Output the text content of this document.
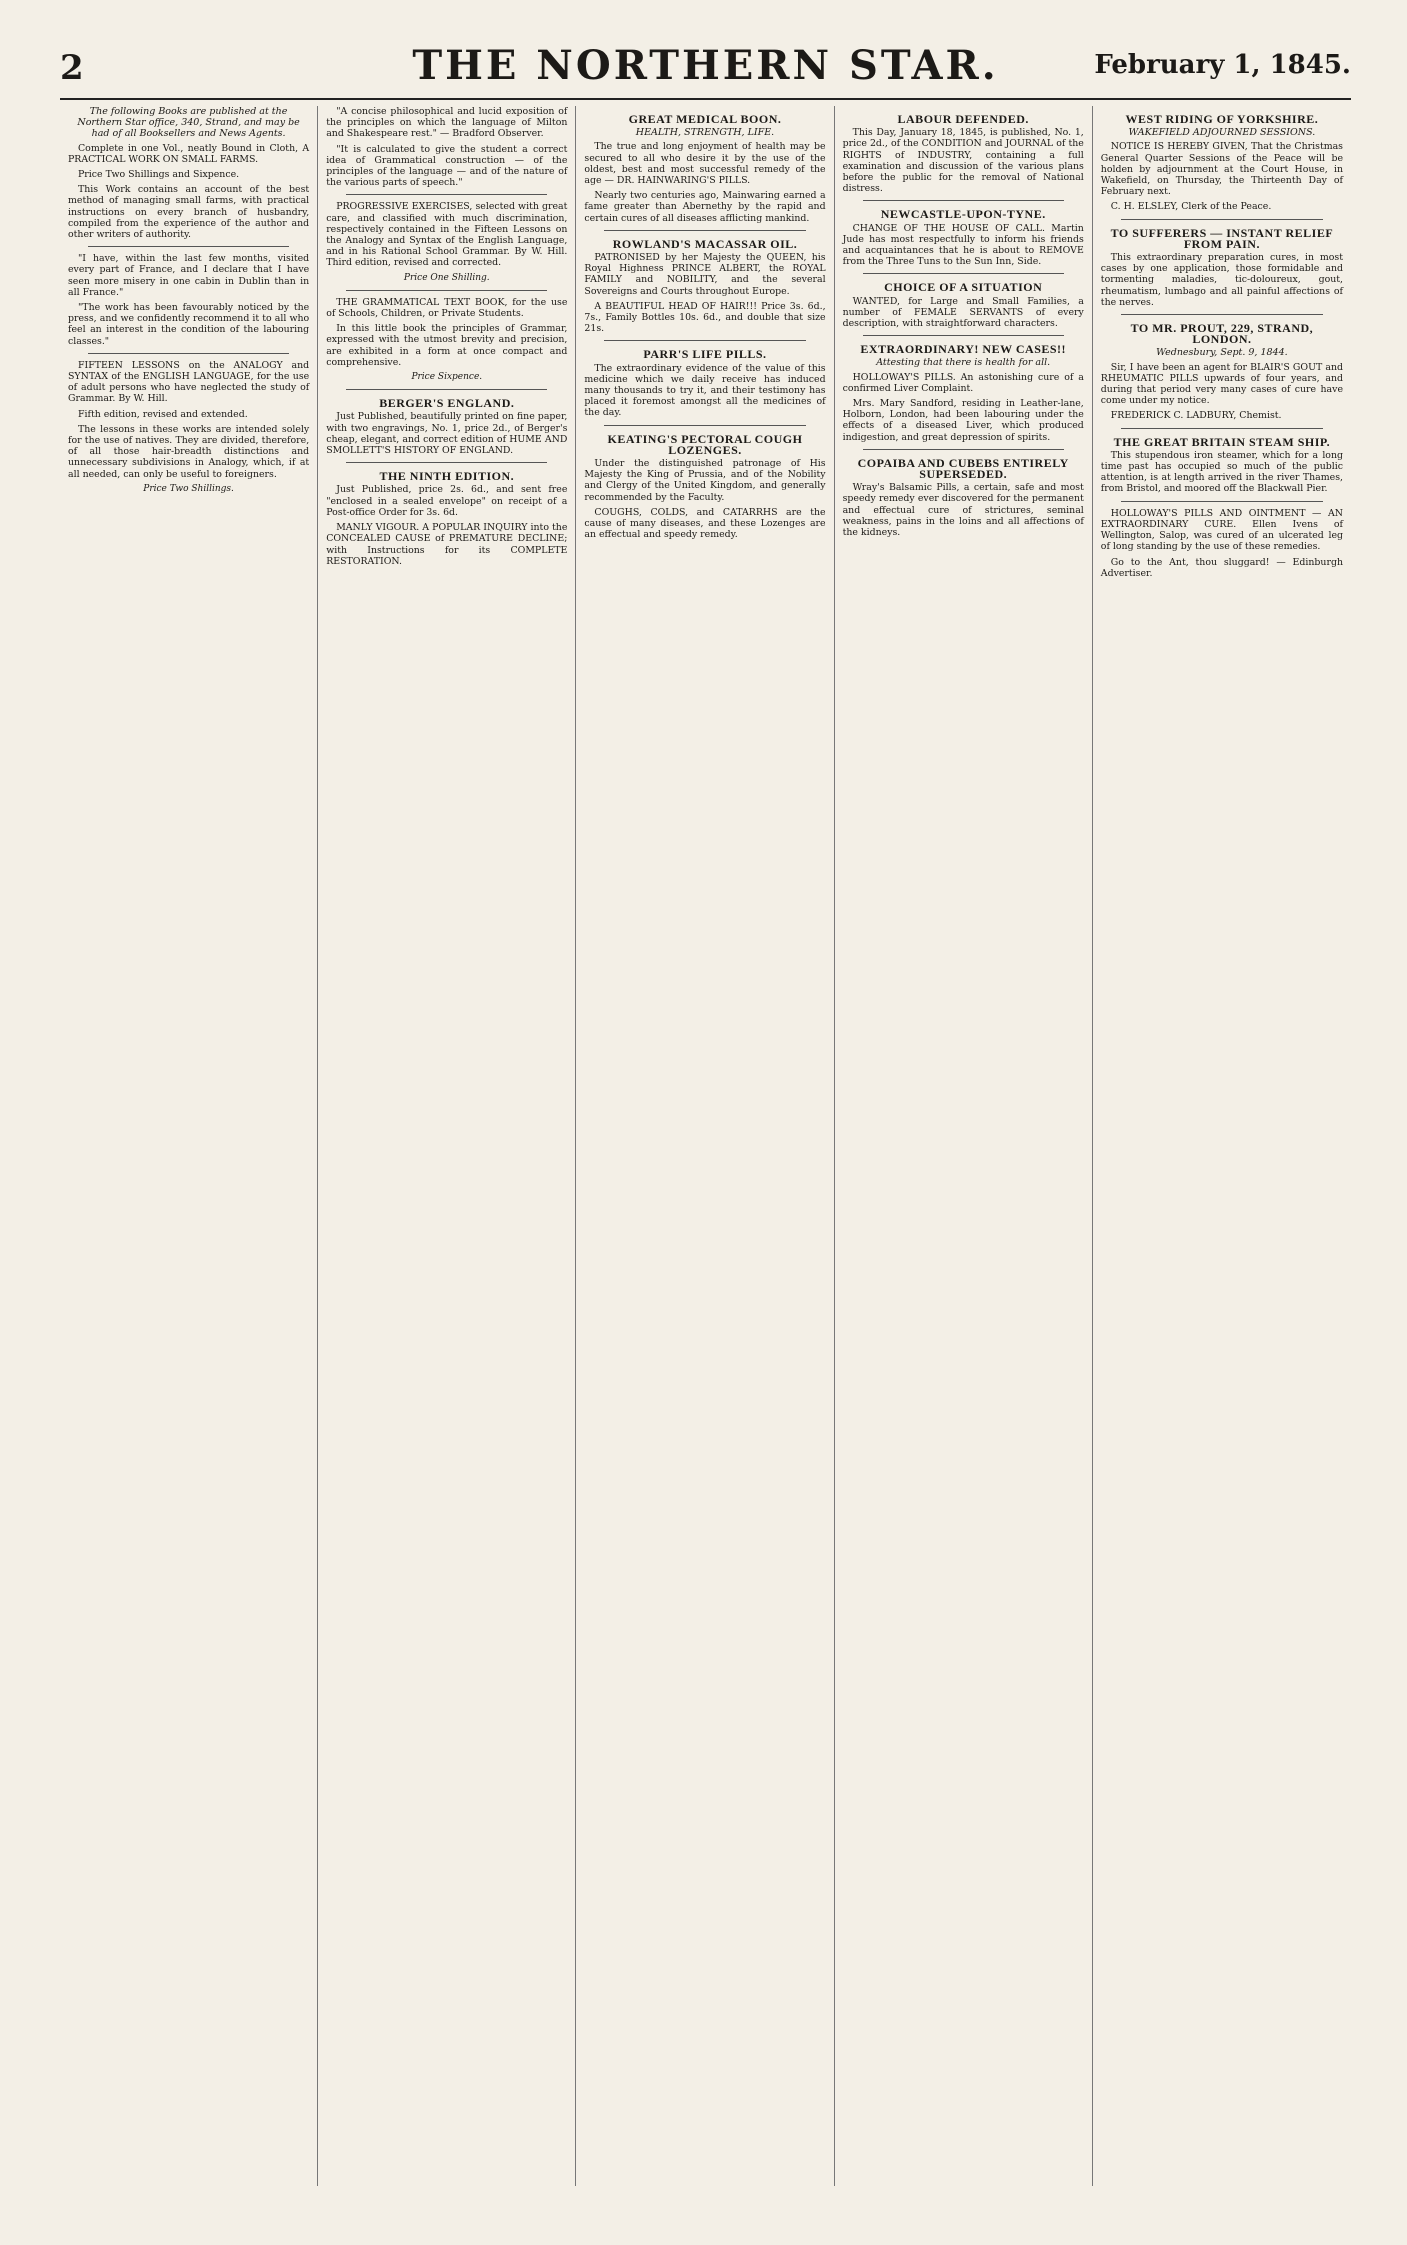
2	THE NORTHERN STAR.	February 1, 1845.
The following Books are published at the Northern Star office, 340, Strand, and may be had of all Booksellers and News Agents.

Complete in one Vol., neatly Bound in Cloth, A PRACTICAL WORK ON SMALL FARMS.

Price Two Shillings and Sixpence.

This Work contains an account of the best method of managing small farms, with practical instructions on every branch of husbandry, compiled from the experience of the author and other writers of authority.

"I have, within the last few months, visited every part of France, and I declare that I have seen more misery in one cabin in Dublin than in all France."

"The work has been favourably noticed by the press, and we confidently recommend it to all who feel an interest in the condition of the labouring classes."

FIFTEEN LESSONS on the ANALOGY and SYNTAX of the ENGLISH LANGUAGE, for the use of adult persons who have neglected the study of Grammar. By W. Hill.

Fifth edition, revised and extended.

The lessons in these works are intended solely for the use of natives. They are divided, therefore, of all those hair-breadth distinctions and unnecessary subdivisions in Analogy, which, if at all needed, can only be useful to foreigners.

Price Two Shillings.

"A concise philosophical and lucid exposition of the principles on which the language of Milton and Shakespeare rest." — Bradford Observer.

"It is calculated to give the student a correct idea of Grammatical construction — of the principles of the language — and of the nature of the various parts of speech."

PROGRESSIVE EXERCISES, selected with great care, and classified with much discrimination, respectively contained in the Fifteen Lessons on the Analogy and Syntax of the English Language, and in his Rational School Grammar. By W. Hill. Third edition, revised and corrected.

Price One Shilling.

THE GRAMMATICAL TEXT BOOK, for the use of Schools, Children, or Private Students.

In this little book the principles of Grammar, expressed with the utmost brevity and precision, are exhibited in a form at once compact and comprehensive.

Price Sixpence.
BERGER'S ENGLAND.

Just Published, beautifully printed on fine paper, with two engravings, No. 1, price 2d., of Berger's cheap, elegant, and correct edition of HUME AND SMOLLETT'S HISTORY OF ENGLAND.

THE NINTH EDITION.

Just Published, price 2s. 6d., and sent free "enclosed in a sealed envelope" on receipt of a Post-office Order for 3s. 6d.

MANLY VIGOUR. A POPULAR INQUIRY into the CONCEALED CAUSE of PREMATURE DECLINE; with Instructions for its COMPLETE RESTORATION.

GREAT MEDICAL BOON.
HEALTH, STRENGTH, LIFE.

The true and long enjoyment of health may be secured to all who desire it by the use of the oldest, best and most successful remedy of the age — DR. HAINWARING'S PILLS.

Nearly two centuries ago, Mainwaring earned a fame greater than Abernethy by the rapid and certain cures of all diseases afflicting mankind.

ROWLAND'S MACASSAR OIL.

PATRONISED by her Majesty the QUEEN, his Royal Highness PRINCE ALBERT, the ROYAL FAMILY and NOBILITY, and the several Sovereigns and Courts throughout Europe.

A BEAUTIFUL HEAD OF HAIR!!! Price 3s. 6d., 7s., Family Bottles 10s. 6d., and double that size 21s.

PARR'S LIFE PILLS.

The extraordinary evidence of the value of this medicine which we daily receive has induced many thousands to try it, and their testimony has placed it foremost amongst all the medicines of the day.

KEATING'S PECTORAL COUGH LOZENGES.

Under the distinguished patronage of His Majesty the King of Prussia, and of the Nobility and Clergy of the United Kingdom, and generally recommended by the Faculty.

COUGHS, COLDS, and CATARRHS are the cause of many diseases, and these Lozenges are an effectual and speedy remedy.

LABOUR DEFENDED.

This Day, January 18, 1845, is published, No. 1, price 2d., of the CONDITION and JOURNAL of the RIGHTS of INDUSTRY, containing a full examination and discussion of the various plans before the public for the removal of National distress.

NEWCASTLE-UPON-TYNE.

CHANGE OF THE HOUSE OF CALL. Martin Jude has most respectfully to inform his friends and acquaintances that he is about to REMOVE from the Three Tuns to the Sun Inn, Side.

CHOICE OF A SITUATION

WANTED, for Large and Small Families, a number of FEMALE SERVANTS of every description, with straightforward characters.

EXTRAORDINARY! NEW CASES!!
Attesting that there is health for all.

HOLLOWAY'S PILLS. An astonishing cure of a confirmed Liver Complaint.

Mrs. Mary Sandford, residing in Leather-lane, Holborn, London, had been labouring under the effects of a diseased Liver, which produced indigestion, and great depression of spirits.

COPAIBA AND CUBEBS ENTIRELY SUPERSEDED.

Wray's Balsamic Pills, a certain, safe and most speedy remedy ever discovered for the permanent and effectual cure of strictures, seminal weakness, pains in the loins and all affections of the kidneys.

WEST RIDING OF YORKSHIRE.
WAKEFIELD ADJOURNED SESSIONS.

NOTICE IS HEREBY GIVEN, That the Christmas General Quarter Sessions of the Peace will be holden by adjournment at the Court House, in Wakefield, on Thursday, the Thirteenth Day of February next.

C. H. ELSLEY, Clerk of the Peace.

TO SUFFERERS — INSTANT RELIEF FROM PAIN.

This extraordinary preparation cures, in most cases by one application, those formidable and tormenting maladies, tic-doloureux, gout, rheumatism, lumbago and all painful affections of the nerves.

TO MR. PROUT, 229, STRAND, LONDON.
Wednesbury, Sept. 9, 1844.

Sir, I have been an agent for BLAIR'S GOUT and RHEUMATIC PILLS upwards of four years, and during that period very many cases of cure have come under my notice.

FREDERICK C. LADBURY, Chemist.

THE GREAT BRITAIN STEAM SHIP.

This stupendous iron steamer, which for a long time past has occupied so much of the public attention, is at length arrived in the river Thames, from Bristol, and moored off the Blackwall Pier.

HOLLOWAY'S PILLS AND OINTMENT — AN EXTRAORDINARY CURE. Ellen Ivens of Wellington, Salop, was cured of an ulcerated leg of long standing by the use of these remedies.

Go to the Ant, thou sluggard! — Edinburgh Advertiser.
